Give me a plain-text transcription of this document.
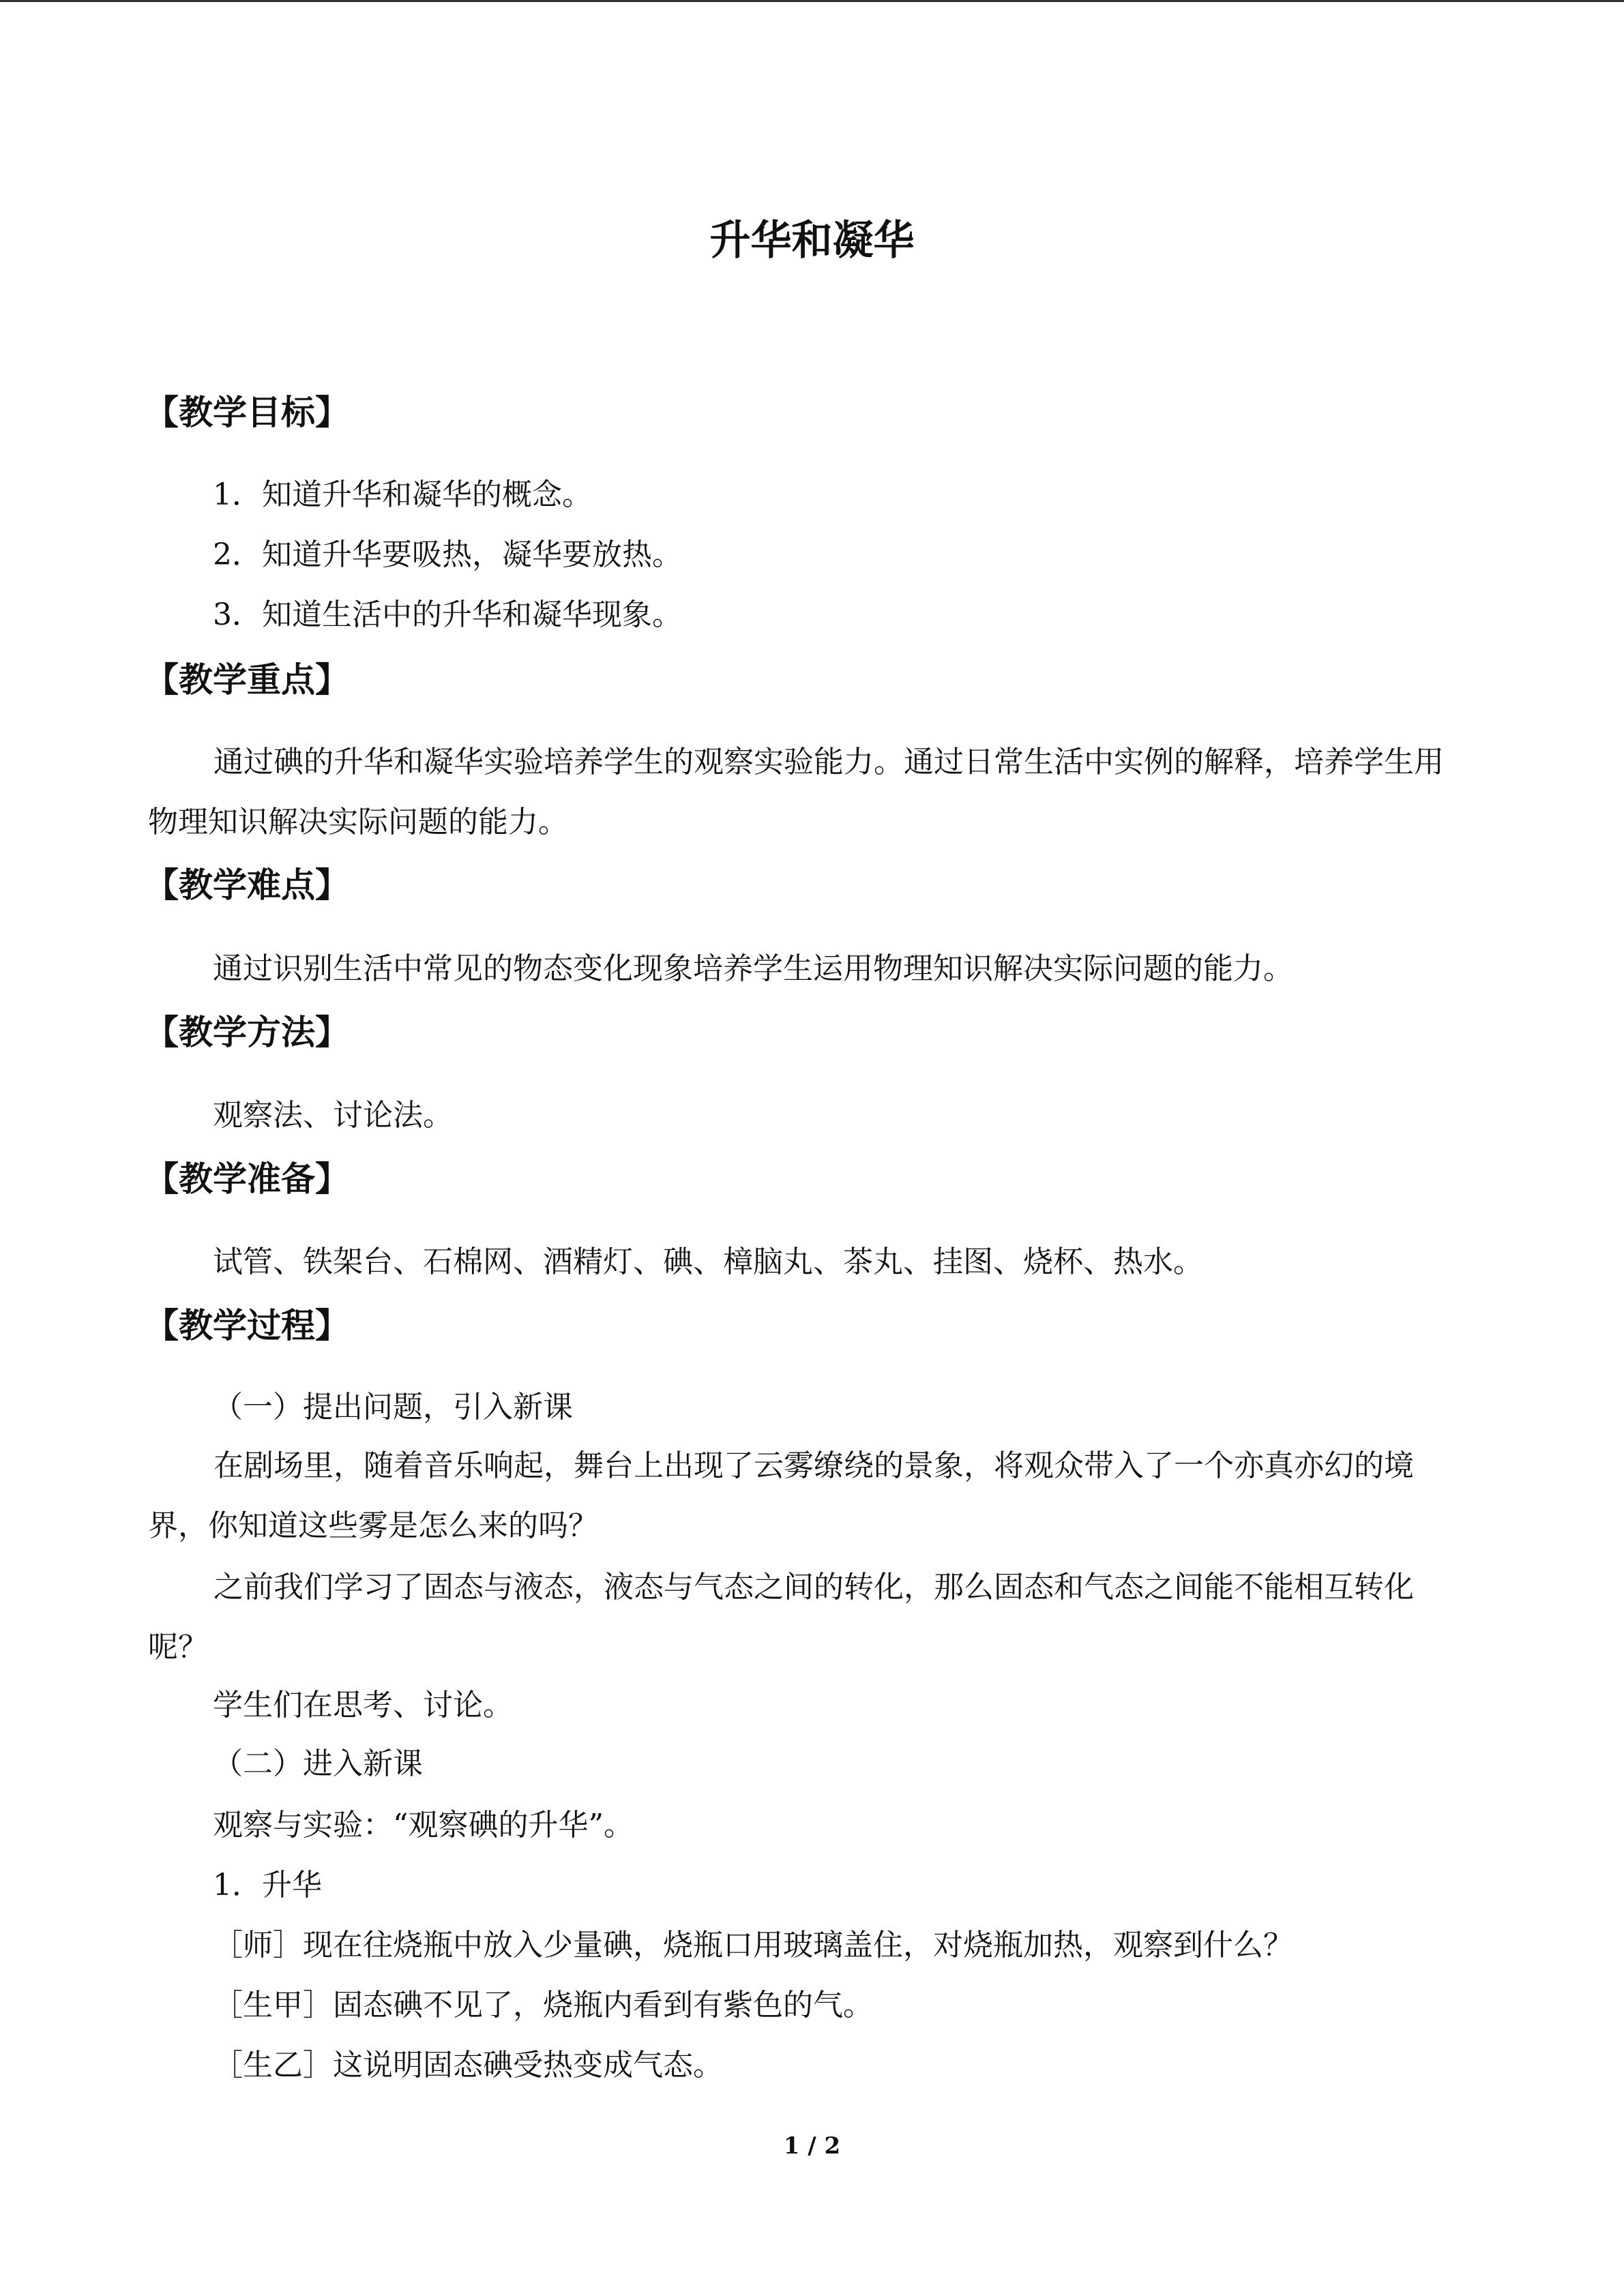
升华和凝华
【教学目标】

1．知道升华和凝华的概念。

2．知道升华要吸热，凝华要放热。

3．知道生活中的升华和凝华现象。

【教学重点】

通过碘的升华和凝华实验培养学生的观察实验能力。通过日常生活中实例的解释，培养学生用物理知识解决实际问题的能力。

【教学难点】

通过识别生活中常见的物态变化现象培养学生运用物理知识解决实际问题的能力。

【教学方法】

观察法、讨论法。

【教学准备】

试管、铁架台、石棉网、酒精灯、碘、樟脑丸、茶丸、挂图、烧杯、热水。

【教学过程】

（一）提出问题，引入新课

在剧场里，随着音乐响起，舞台上出现了云雾缭绕的景象，将观众带入了一个亦真亦幻的境界，你知道这些雾是怎么来的吗？

之前我们学习了固态与液态，液态与气态之间的转化，那么固态和气态之间能不能相互转化呢？

学生们在思考、讨论。

（二）进入新课

观察与实验：“观察碘的升华”。

1．升华

［师］现在往烧瓶中放入少量碘，烧瓶口用玻璃盖住，对烧瓶加热，观察到什么？

［生甲］固态碘不见了，烧瓶内看到有紫色的气。

［生乙］这说明固态碘受热变成气态。

1 / 2
